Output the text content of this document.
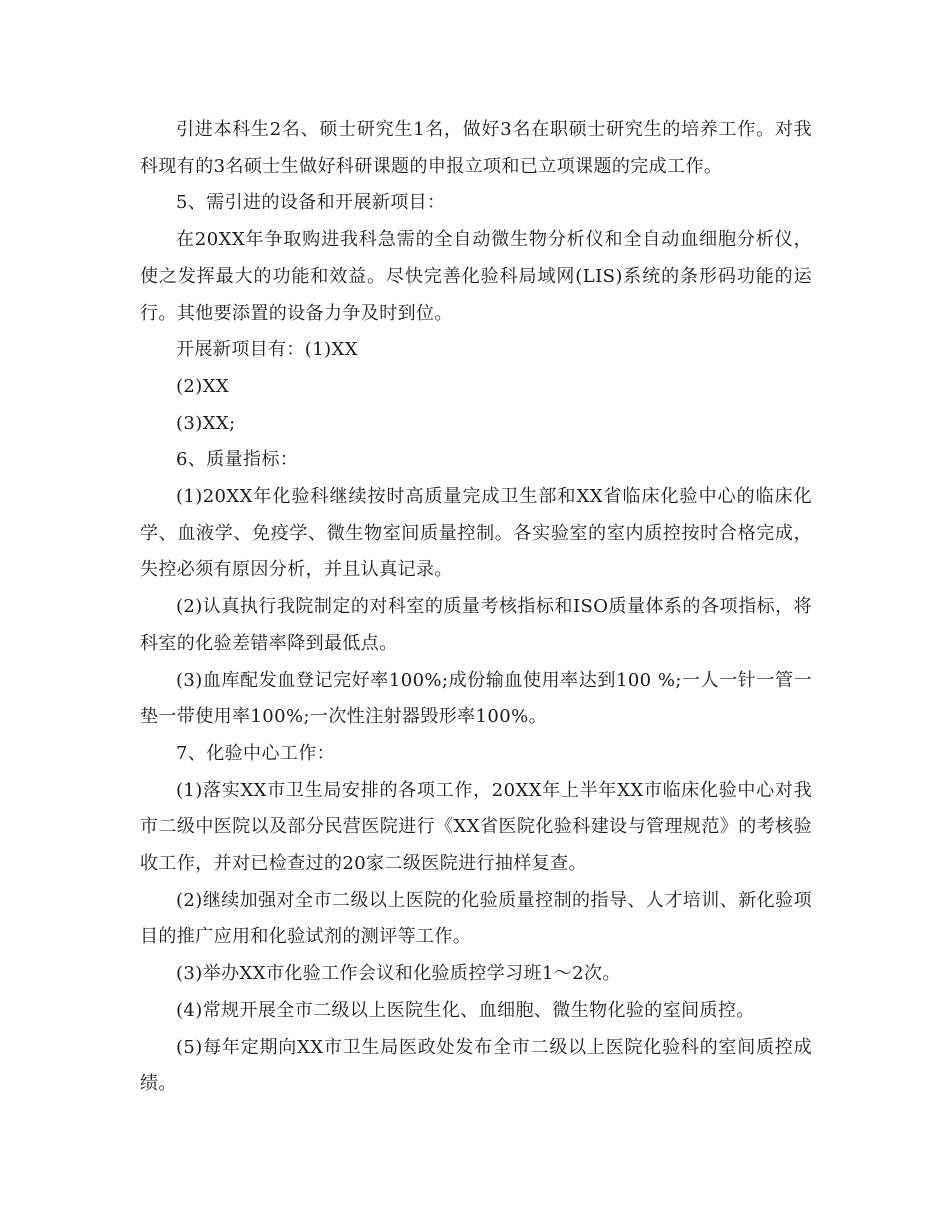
引进本科生2名、硕士研究生1名，做好3名在职硕士研究生的培养工作。对我科现有的3名硕士生做好科研课题的申报立项和已立项课题的完成工作。

5、需引进的设备和开展新项目：

在20XX年争取购进我科急需的全自动微生物分析仪和全自动血细胞分析仪，使之发挥最大的功能和效益。尽快完善化验科局域网(LIS)系统的条形码功能的运行。其他要添置的设备力争及时到位。

开展新项目有：(1)XX

(2)XX

(3)XX;

6、质量指标：

(1)20XX年化验科继续按时高质量完成卫生部和XX省临床化验中心的临床化学、血液学、免疫学、微生物室间质量控制。各实验室的室内质控按时合格完成，失控必须有原因分析，并且认真记录。

(2)认真执行我院制定的对科室的质量考核指标和ISO质量体系的各项指标，将科室的化验差错率降到最低点。

(3)血库配发血登记完好率100%;成份输血使用率达到100 %;一人一针一管一垫一带使用率100%;一次性注射器毁形率100%。

7、化验中心工作：

(1)落实XX市卫生局安排的各项工作，20XX年上半年XX市临床化验中心对我市二级中医院以及部分民营医院进行《XX省医院化验科建设与管理规范》的考核验收工作，并对已检查过的20家二级医院进行抽样复查。

(2)继续加强对全市二级以上医院的化验质量控制的指导、人才培训、新化验项目的推广应用和化验试剂的测评等工作。

(3)举办XX市化验工作会议和化验质控学习班1～2次。

(4)常规开展全市二级以上医院生化、血细胞、微生物化验的室间质控。

(5)每年定期向XX市卫生局医政处发布全市二级以上医院化验科的室间质控成绩。
